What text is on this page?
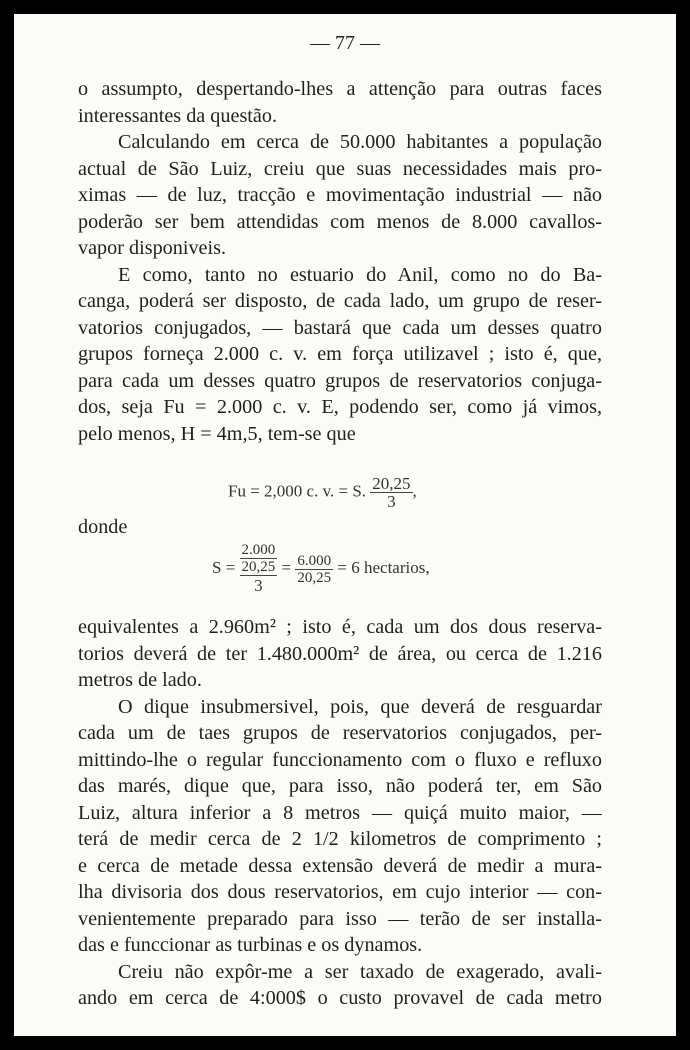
— 77 —
o assumpto, despertando-lhes a attenção para outras faces
interessantes da questão.
Calculando em cerca de 50.000 habitantes a população
actual de São Luiz, creiu que suas necessidades mais pro-
ximas — de luz, tracção e movimentação industrial — não
poderão ser bem attendidas com menos de 8.000 cavallos-
vapor disponiveis.
E como, tanto no estuario do Anil, como no do Ba-
canga, poderá ser disposto, de cada lado, um grupo de reser-
vatorios conjugados, — bastará que cada um desses quatro
grupos forneça 2.000 c. v. em força utilizavel ; isto é, que,
para cada um desses quatro grupos de reservatorios conjuga-
dos, seja Fu = 2.000 c. v. E, podendo ser, como já vimos,
pelo menos, H = 4m,5, tem-se que
Fu = 2,000 c. v. = S. $\frac{20,25}{3}$ ,
donde
$S = \frac{\frac{2.000}{20,25}}{3} = \frac{6.000}{20,25} = 6$ hectarios,
equivalentes a 2.960m² ; isto é, cada um dos dous reserva-
torios deverá de ter 1.480.000m² de área, ou cerca de 1.216
metros de lado.
O dique insubmersivel, pois, que deverá de resguardar
cada um de taes grupos de reservatorios conjugados, per-
mittindo-lhe o regular funccionamento com o fluxo e refluxo
das marés, dique que, para isso, não poderá ter, em São
Luiz, altura inferior a 8 metros — quiçá muito maior, —
terá de medir cerca de 2 1/2 kilometros de comprimento ;
e cerca de metade dessa extensão deverá de medir a mura-
lha divisoria dos dous reservatorios, em cujo interior — con-
venientemente preparado para isso — terão de ser installa-
das e funccionar as turbinas e os dynamos.
Creiu não expôr-me a ser taxado de exagerado, avali-
ando em cerca de 4:000$ o custo provavel de cada metro
